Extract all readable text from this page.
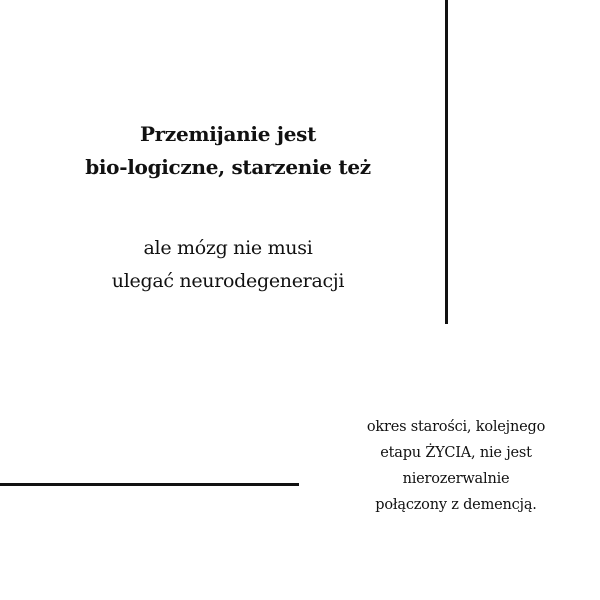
Przemijanie jest
bio-logiczne, starzenie też
ale mózg nie musi
ulegać neurodegeneracji
okres starości, kolejnego
etapu ŻYCIA, nie jest
nierozerwalnie
połączony z demencją.
